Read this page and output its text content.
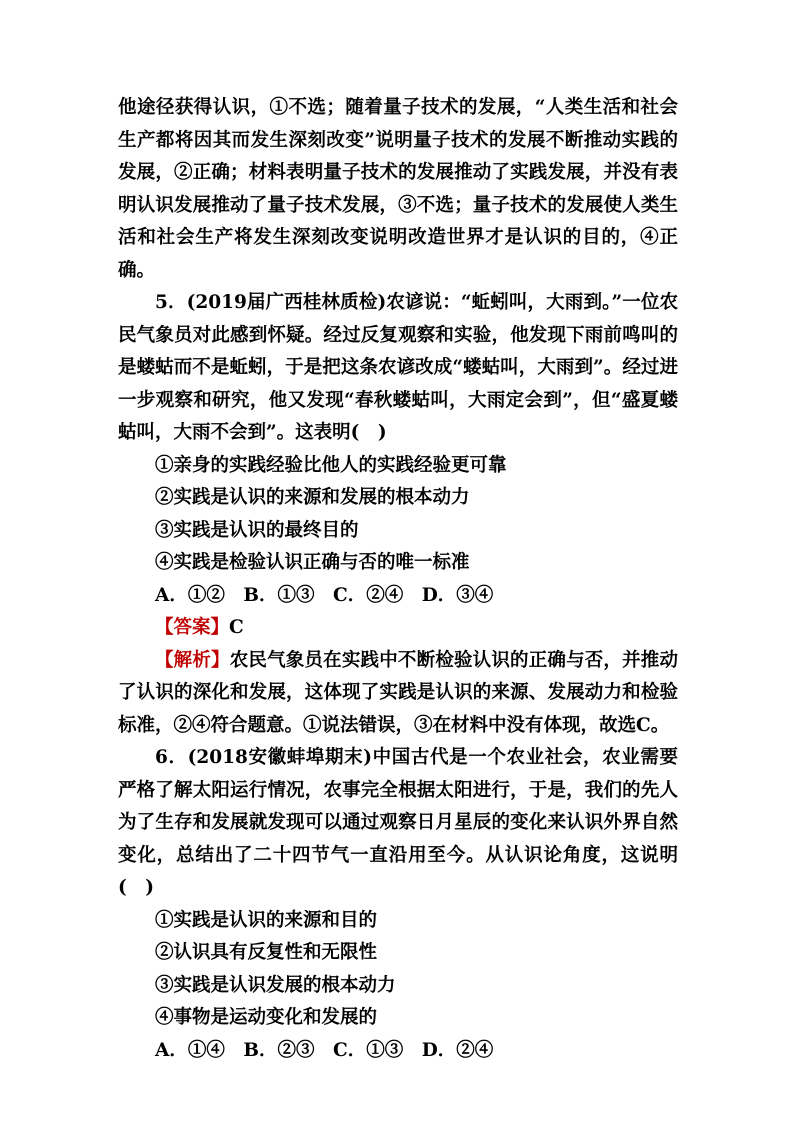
他途径获得认识，①不选；随着量子技术的发展，“人类生活和社会生产都将因其而发生深刻改变”说明量子技术的发展不断推动实践的发展，②正确；材料表明量子技术的发展推动了实践发展，并没有表明认识发展推动了量子技术发展，③不选；量子技术的发展使人类生活和社会生产将发生深刻改变说明改造世界才是认识的目的，④正确。

5．(2019届广西桂林质检)农谚说：“蚯蚓叫，大雨到。”一位农民气象员对此感到怀疑。经过反复观察和实验，他发现下雨前鸣叫的是蝼蛄而不是蚯蚓，于是把这条农谚改成“蝼蛄叫，大雨到”。经过进一步观察和研究，他又发现“春秋蝼蛄叫，大雨定会到”，但“盛夏蝼蛄叫，大雨不会到”。这表明(　)

①亲身的实践经验比他人的实践经验更可靠

②实践是认识的来源和发展的根本动力

③实践是认识的最终目的

④实践是检验认识正确与否的唯一标准

A．①②　B．①③　C．②④　D．③④

【答案】C

【解析】农民气象员在实践中不断检验认识的正确与否，并推动了认识的深化和发展，这体现了实践是认识的来源、发展动力和检验标准，②④符合题意。①说法错误，③在材料中没有体现，故选C。

6．(2018安徽蚌埠期末)中国古代是一个农业社会，农业需要严格了解太阳运行情况，农事完全根据太阳进行，于是，我们的先人为了生存和发展就发现可以通过观察日月星辰的变化来认识外界自然变化，总结出了二十四节气一直沿用至今。从认识论角度，这说明(　)

①实践是认识的来源和目的

②认识具有反复性和无限性

③实践是认识发展的根本动力

④事物是运动变化和发展的

A．①④　B．②③　C．①③　D．②④
